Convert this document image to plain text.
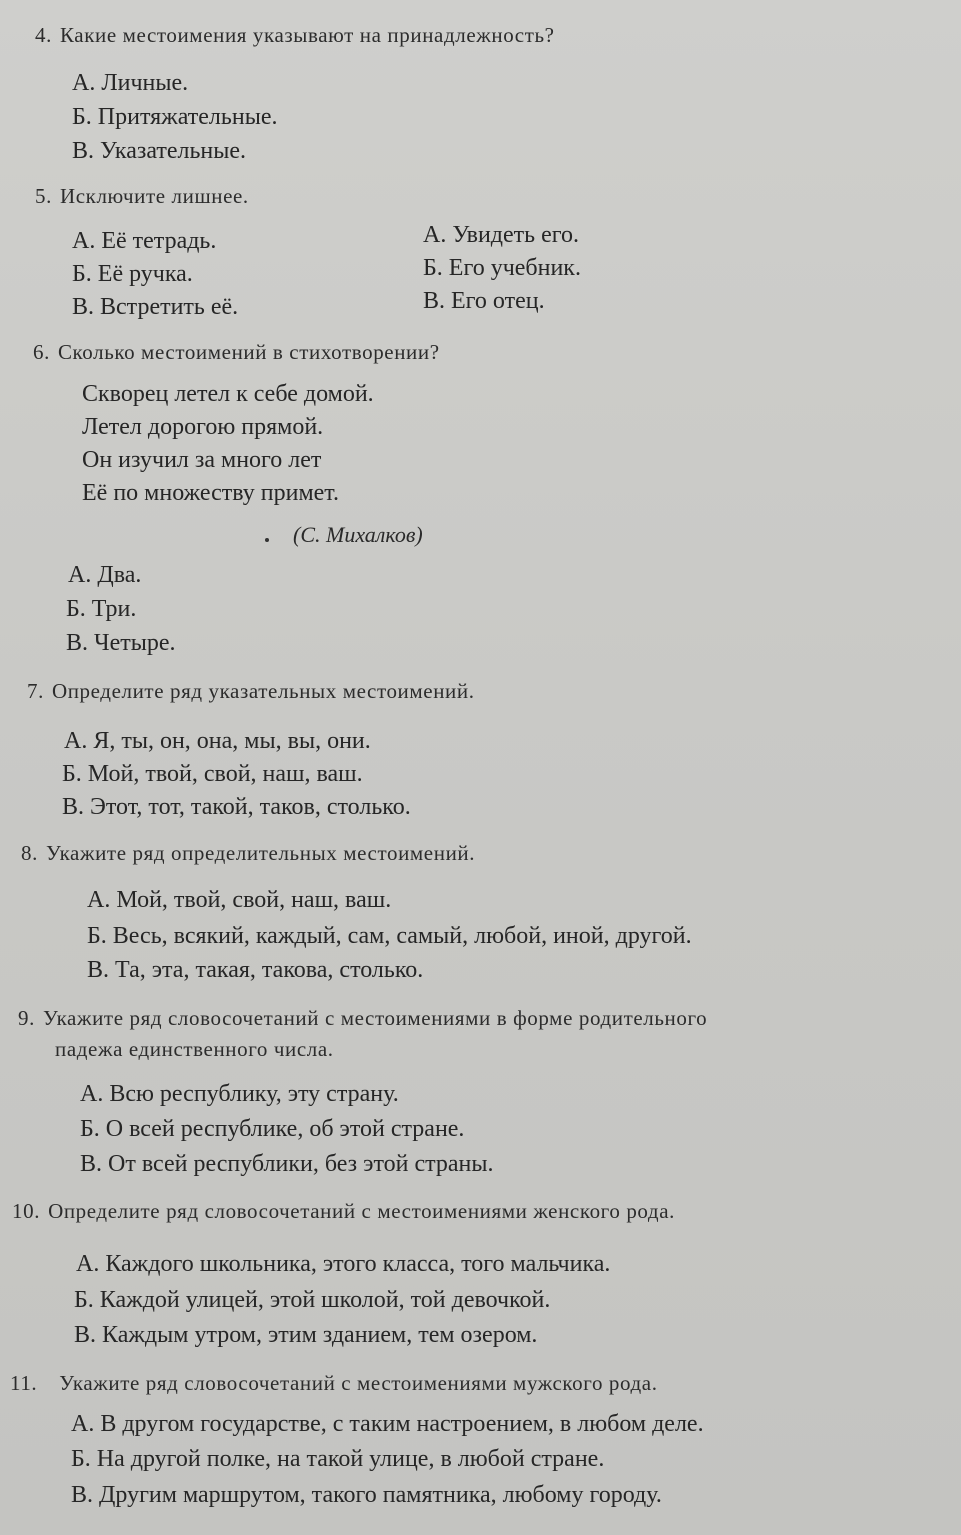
4. Какие местоимения указывают на принадлежность?
А. Личные.
Б. Притяжательные.
В. Указательные.
5. Исключите лишнее.
А. Её тетрадь.
Б. Её ручка.
В. Встретить её.
А. Увидеть его.
Б. Его учебник.
В. Его отец.
6. Сколько местоимений в стихотворении?
Скворец летел к себе домой.
Летел дорогою прямой.
Он изучил за много лет
Её по множеству примет.
(С. Михалков)
А. Два.
Б. Три.
В. Четыре.
7. Определите ряд указательных местоимений.
А. Я, ты, он, она, мы, вы, они.
Б. Мой, твой, свой, наш, ваш.
В. Этот, тот, такой, таков, столько.
8. Укажите ряд определительных местоимений.
А. Мой, твой, свой, наш, ваш.
Б. Весь, всякий, каждый, сам, самый, любой, иной, другой.
В. Та, эта, такая, такова, столько.
9. Укажите ряд словосочетаний с местоимениями в форме родительного
падежа единственного числа.
А. Всю республику, эту страну.
Б. О всей республике, об этой стране.
В. От всей республики, без этой страны.
10. Определите ряд словосочетаний с местоимениями женского рода.
А. Каждого школьника, этого класса, того мальчика.
Б. Каждой улицей, этой школой, той девочкой.
В. Каждым утром, этим зданием, тем озером.
11. Укажите ряд словосочетаний с местоимениями мужского рода.
А. В другом государстве, с таким настроением, в любом деле.
Б. На другой полке, на такой улице, в любой стране.
В. Другим маршрутом, такого памятника, любому городу.
